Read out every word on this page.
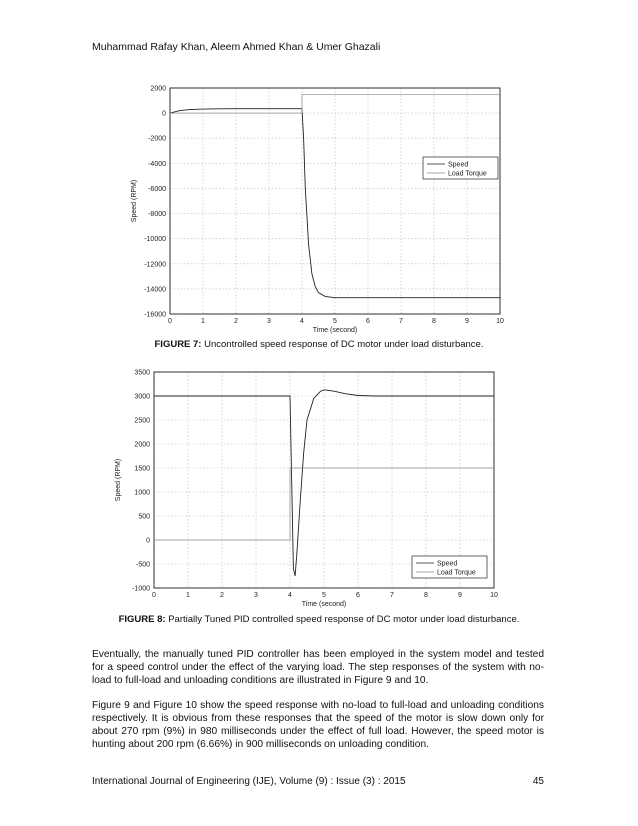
Muhammad Rafay Khan, Aleem Ahmed Khan & Umer Ghazali
0	1	2	3	4	5	6	7	8	9	10
2000
0
-2000
-4000
-6000
-8000
-10000
-12000
-14000
-16000
Time (second)
Speed (RPM)
Speed
Load Torque
FIGURE 7: Uncontrolled speed response of DC motor under load disturbance.
0	1	2	3	4	5	6	7	8	9	10
3500
3000
2500
2000
1500
1000
500
0
-500
-1000
Time (second)
Speed (RPM)
Speed
Load Torque
FIGURE 8: Partially Tuned PID controlled speed response of DC motor under load disturbance.
Eventually, the manually tuned PID controller has been employed in the system model and tested for a speed control under the effect of the varying load. The step responses of the system with no-load to full-load and unloading conditions are illustrated in Figure 9 and 10.
Figure 9 and Figure 10 show the speed response with no-load to full-load and unloading conditions respectively. It is obvious from these responses that the speed of the motor is slow down only for about 270 rpm (9%) in 980 milliseconds under the effect of full load. However, the speed motor is hunting about 200 rpm (6.66%) in 900 milliseconds on unloading condition.
International Journal of Engineering (IJE), Volume (9) : Issue (3) : 2015	45
